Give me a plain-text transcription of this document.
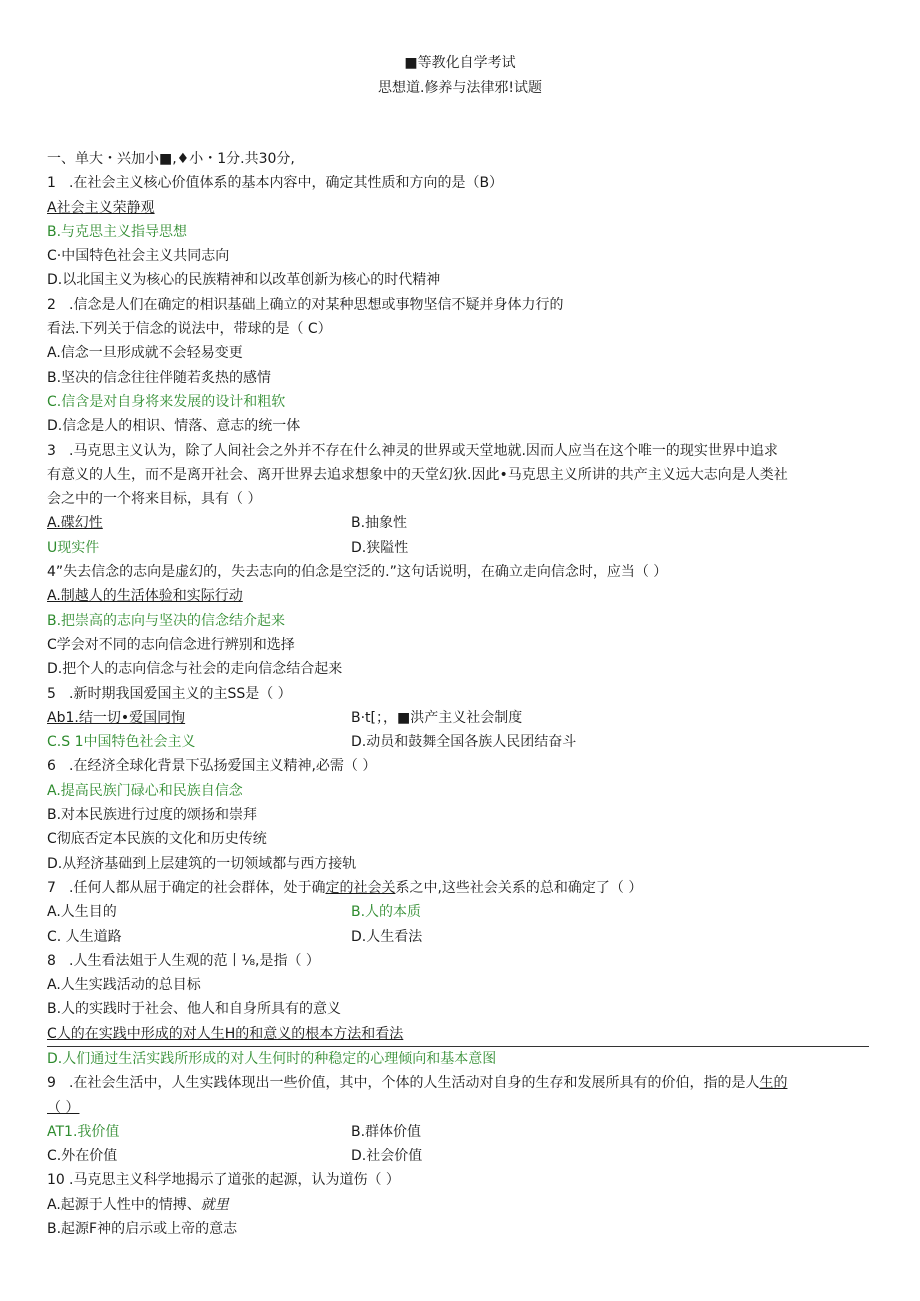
■等教化自学考试
思想道.修养与法律邪!试题
一、单大・兴加小■,♦小・1分.共30分,
1 .在社会主义核心价值体系的基本内容中，确定其性质和方向的是（B）
A社会主义荣静观
B.与克思主义指导思想
C·中国特色社会主义共同志向
D.以北国主义为核心的民族精神和以改革创新为核心的时代精神
2 .信念是人们在确定的相识基础上确立的对某种思想或事物坚信不疑并身体力行的
看法.下列关于信念的说法中，带球的是（ C）
A.信念一旦形成就不会轻易变更
B.坚决的信念往往伴随若炙热的感情
C.信含是对自身将来发展的设计和粗软
D.信念是人的相识、情落、意志的统一体
3 .马克思主义认为，除了人间社会之外并不存在什么神灵的世界或天堂地就.因而人应当在这个唯一的现实世界中追求
有意义的人生，而不是离开社会、离开世界去追求想象中的天堂幻狄.因此•马克思主义所讲的共产主义远大志向是人类社
会之中的一个将来目标，具有（ ）
A.碟幻性	B.抽象性
U现实件	D.狭隘性
4”失去信念的志向是虚幻的，失去志向的伯念是空泛的.”这句话说明，在确立走向信念时，应当（ ）
A.制越人的生活体验和实际行动
B.把崇高的志向与坚决的信念结介起来
C学会对不同的志向信念进行辨别和选择
D.把个人的志向信念与社会的走向信念结合起来
5 .新时期我国爱国主义的主SS是（ ）
Ab1.结一切•爱国同恂	B·t[；，■洪产主义社会制度
C.S 1中国特色社会主义	D.动员和鼓舞全国各族人民团结奋斗
6 .在经济全球化背景下弘扬爱国主义精神,必需（ ）
A.提高民族门碌心和民族自信念
B.对本民族进行过度的颂扬和崇拜
C彻底否定本民族的文化和历史传统
D.从羟济基础到上层建筑的一切领域都与西方接轨
7 .任何人都从屈于确定的社会群体，处于确定的社会关系之中,这些社会关系的总和确定了（ ）
A.人生目的	B.人的本质
C. 人生道路	D.人生看法
8 .人生看法姐于人生观的范丨⅛,是指（ ）
A.人生实践活动的总目标
B.人的实践时于社会、他人和自身所具有的意义
C人的在实践中形成的对人生H的和意义的根本方法和看法
D.人们通过生活实践所形成的对人生何时的种稳定的心理倾向和基本意图
9 .在社会生活中，人生实践体现出一些价值，其中，个体的人生活动对自身的生存和发展所具有的价伯，指的是人生的
（ ）
AT1.我价值	B.群体价值
C.外在价值	D.社会价值
10 .马克思主义科学地揭示了道张的起源，认为道伤（ ）
A.起源于人性中的情搏、就里
B.起源F神的启示或上帝的意志
